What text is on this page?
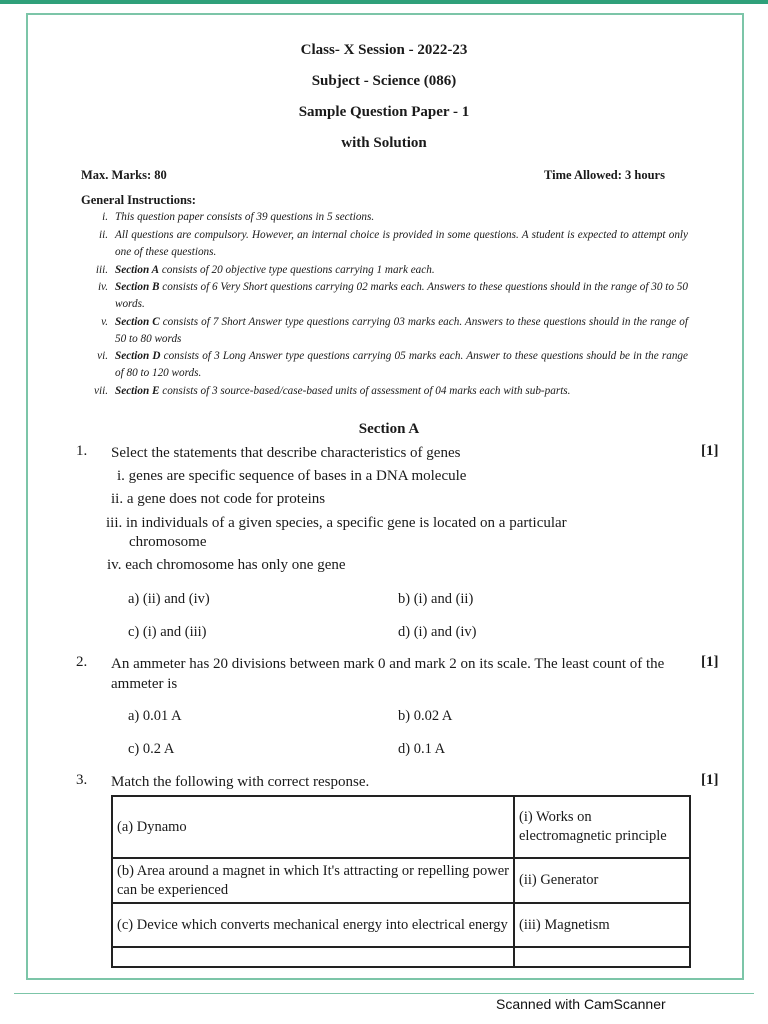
Class- X Session - 2022-23
Subject - Science (086)
Sample Question Paper - 1
with Solution
Max. Marks: 80	Time Allowed: 3 hours
General Instructions:
i. This question paper consists of 39 questions in 5 sections.
ii. All questions are compulsory. However, an internal choice is provided in some questions. A student is expected to attempt only one of these questions.
iii. Section A consists of 20 objective type questions carrying 1 mark each.
iv. Section B consists of 6 Very Short questions carrying 02 marks each. Answers to these questions should in the range of 30 to 50 words.
v. Section C consists of 7 Short Answer type questions carrying 03 marks each. Answers to these questions should in the range of 50 to 80 words
vi. Section D consists of 3 Long Answer type questions carrying 05 marks each. Answer to these questions should be in the range of 80 to 120 words.
vii. Section E consists of 3 source-based/case-based units of assessment of 04 marks each with sub-parts.
Section A
1. Select the statements that describe characteristics of genes	[1]
i. genes are specific sequence of bases in a DNA molecule
ii. a gene does not code for proteins
iii. in individuals of a given species, a specific gene is located on a particular
chromosome
iv. each chromosome has only one gene
a) (ii) and (iv)	b) (i) and (ii)
c) (i) and (iii)	d) (i) and (iv)
2. An ammeter has 20 divisions between mark 0 and mark 2 on its scale. The least count of the ammeter is
[1]
a) 0.01 A	b) 0.02 A
c) 0.2 A	d) 0.1 A
3. Match the following with correct response.	[1]
(a) Dynamo	(i) Works on electromagnetic principle
(b) Area around a magnet in which It's attracting or repelling power can be experienced	(ii) Generator
(c) Device which converts mechanical energy into electrical energy	(iii) Magnetism

Scanned with CamScanner
